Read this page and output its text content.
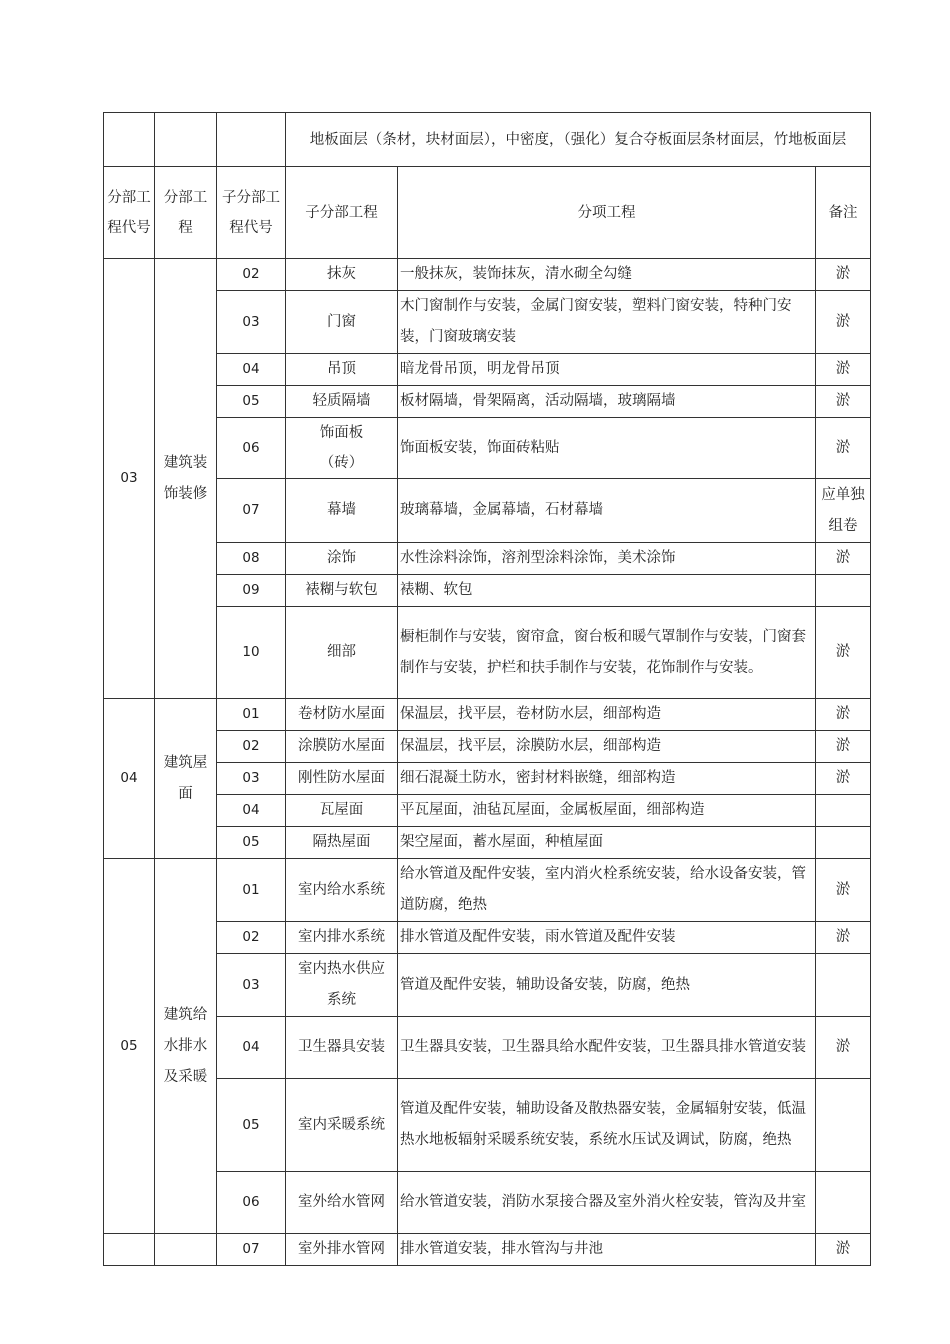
			地板面层（条材，块材面层），中密度，（强化）复合夺板面层条材面层，竹地板面层		
分部工程代号	分部工程	子分部工程代号	子分部工程	分项工程	备注
03	建筑装饰装修	02	抹灰	一般抹灰，装饰抹灰，清水砌全勾缝	淤
		03	门窗	木门窗制作与安装，金属门窗安装，塑料门窗安装，特种门安装，门窗玻璃安装	淤
		04	吊顶	暗龙骨吊顶，明龙骨吊顶	淤
		05	轻质隔墙	板材隔墙，骨架隔离，活动隔墙，玻璃隔墙	淤
		06	饰面板（砖）	饰面板安装，饰面砖粘贴	淤
		07	幕墙	玻璃幕墙，金属幕墙，石材幕墙	应单独组卷
		08	涂饰	水性涂料涂饰，溶剂型涂料涂饰，美术涂饰	淤
		09	裱糊与软包	裱糊、软包	
		10	细部	橱柜制作与安装，窗帘盒，窗台板和暖气罩制作与安装，门窗套制作与安装，护栏和扶手制作与安装，花饰制作与安装。	淤
04	建筑屋面	01	卷材防水屋面	保温层，找平层，卷材防水层，细部构造	淤
		02	涂膜防水屋面	保温层，找平层，涂膜防水层，细部构造	淤
		03	刚性防水屋面	细石混凝土防水，密封材料嵌缝，细部构造	淤
		04	瓦屋面	平瓦屋面，油毡瓦屋面，金属板屋面，细部构造	
		05	隔热屋面	架空屋面，蓄水屋面，种植屋面	
05	建筑给水排水及采暖	01	室内给水系统	给水管道及配件安装，室内消火栓系统安装，给水设备安装，管道防腐，绝热	淤
		02	室内排水系统	排水管道及配件安装，雨水管道及配件安装	淤
		03	室内热水供应系统	管道及配件安装，辅助设备安装，防腐，绝热	
		04	卫生器具安装	卫生器具安装，卫生器具给水配件安装，卫生器具排水管道安装	淤
		05	室内采暖系统	管道及配件安装，辅助设备及散热器安装，金属辐射安装，低温热水地板辐射采暖系统安装，系统水压试及调试，防腐，绝热	
		06	室外给水管网	给水管道安装，消防水泵接合器及室外消火栓安装，管沟及井室	
		07	室外排水管网	排水管道安装，排水管沟与井池	淤
